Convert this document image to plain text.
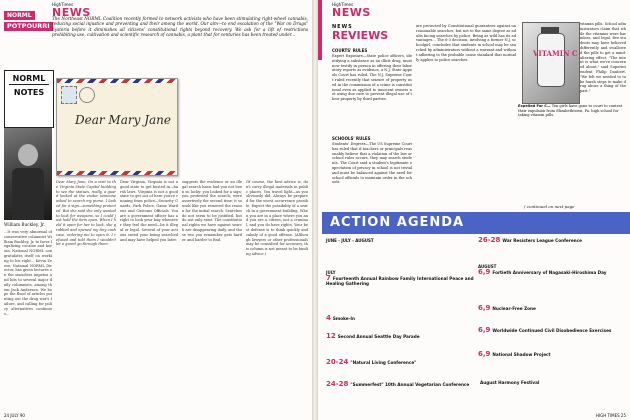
NORML
POTPOURRI
HighTimes
NEWS
The Northeast NORML Coalition recently formed to network activists who have been stimulating right-wheel cannabis, reducing social injustice and preventing and their among the world. Our aim—to end escalation of the "War on Drugs" hysteria before it diminishes all citizens' constitutional rights beyond recovery. We ask for a lift of restrictions prohibiting use, cultivation and scientific research of cannabis, a plant that for centuries has been treated under...
NORML
NOTES
William Buckley, Jr.
...It was very abnormal of conservative columnist William Buckley, Jr. to favor legalizing cocaine and heroin. National NORML congratulates itself on working to his right... Kevin Zeese, National NORML Director, has given lectures on the senseless impetus and hits to several major daily columnists, among them Jack Anderson. We hope the flood of articles pointing out the drug war's failure, and calling for policy alternatives continues...
Dear Mary Jane
Dear Mary Jane, On a visit to the Virginia State Capitol building to see the statues, really, a guard looked at the visitor someone asked to search my purse. I looked for a sign—something protected. But she said she only wanted to look for weapons, so I could just hold the item open. When I held it open for her to look, she grabbed and opened my tiny cash case, ordering me to open it. I refused and told them I wouldn't let a guard go through them.
Dear Virginia, Virginia is not a good state to get busted in—harsh laws. Virginia is not a good state to get out of here you're running from police—Security Guards, Park Police, Game Wardens and Customs Officials. You are a government officer has a right to look your bag whenever they feel the need—be it illegal or legal. Several of your actions saved your being searched and may have helped you later.
suggests the evidence or an illegal search basis had you not been so lucky: you looked for a sign; you protested the search; were assertively the second time; it sounds like you removed the reason for the initial search. Searches do not seem to be justified, but do not only exist. The constitutional rights we have against search are disappearing daily, and those two you remember gets harder and harder to find.
Of course, the best advice is, don't carry illegal materials in public places. You travel light—as you obviously did. Always be prepared for the worst occurrence possible. Expect the possibility of a search in a government building. When you are in a place where you and you are a citizen, not a criminal, and you do have rights. Your best defense is to think quickly and calmly of a good offense. (Although lawyers or other professionals may be consulted for accuracy, this column is not meant to be binding advice.)
24 JULY 90
HighTimes
NEWS
NEWS
REVIEWS
COURTS' RULES
Expert Exposure—State police officers, identifying a substance as an illicit drug, must now testify in person in offering their laboratory reports as evidence, a N.J. State Appeals Court has ruled. The N.J. Supreme Court ruled recently that seizure of property used in the commission of a crime is constitutional even as applied to innocent owners not using due care to prevent illegal use of their property by third parties.
SCHOOLS' RULES
Students' Degrees—The US Supreme Court has ruled that if teachers or principals reasonably believe that a violation of the law or school rules occurs, they may search students. The Court said a student's legitimate expectation of privacy in school is not trivial and must be balanced against the need for school officials to maintain order in the schools.
are protected by Constitutional guarantees against unreasonable searches, but not to the same degree as adults facing searches by police. Being as wild has its advantages... The 6-3 decision, involving a former N.J. schoolgirl, concludes that students in school may be searched by administrators without a warrant and without adhering to the probable cause standard that normally applies to police searches.
VITAMIN C
Expelled For C— Ten girls have gone to court to contest their expulsion from Elizabethtown, Pa. high school for taking vitamin pills.
vitamin pills. School administrators claim that while the vitamins were harmless, and legal, five students may have believed differently and swallowed the pills to get a mind-altering effect. "The intent is what we're concerned about," said Superintendent Philip Daubert. "We felt we needed to take harsh steps to make drug abuse a thing of the past."
( continued on next page
ACTION AGENDA
JUNE - JULY - AUGUST
JULY
AUGUST
26-28 War Resisters League Conference
7 Fourteenth Annual Rainbow Family International Peace and Healing Gathering
6,9 Fortieth Anniversary of Nagasaki-Hiroshima Day
4 Smoke-In
12 Second Annual Seattle Day Parade
6,9 Nuclear-Free Zone
20-24 "Natural Living Conference"
6,9 Worldwide Continued Civil Disobedience Exercises
24-28 "Summerfest" 10th Annual Vegetarian Conference
6,9 National Shadow Project
August Harmony Festival
HIGH TIMES 25
